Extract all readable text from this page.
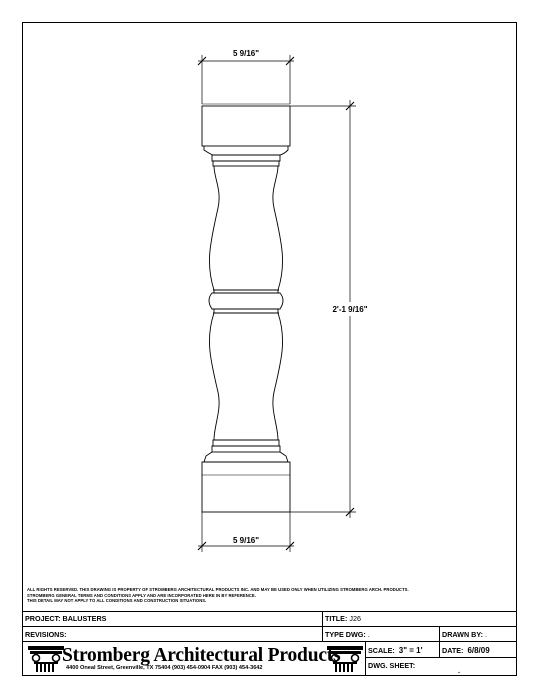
5 9/16"
5 9/16"
2'-1 9/16"
ALL RIGHTS RESERVED. THIS DRAWING IS PROPERTY OF STROMBERG ARCHITECTURAL PRODUCTS INC. AND MAY BE USED ONLY WHEN UTILIZING STROMBERG ARCH. PRODUCTS.
STROMBERG GENERAL TERMS AND CONDITIONS APPLY AND ARE INCORPORATED HERE IN BY REFERENCE.
THIS DETAIL MAY NOT APPLY TO ALL CONDITIONS AND CONSTRUCTION SITUATIONS.
PROJECT: BALUSTERS	TITLE: J26
REVISIONS:	TYPE DWG: .	DRAWN BY: .
SCALE: 3" = 1'	DATE: 6/8/09
DWG. SHEET:
.
Stromberg Architectural Products
4400 Oneal Street, Greenville, TX 75404 (903) 454-0904 FAX (903) 454-3642
